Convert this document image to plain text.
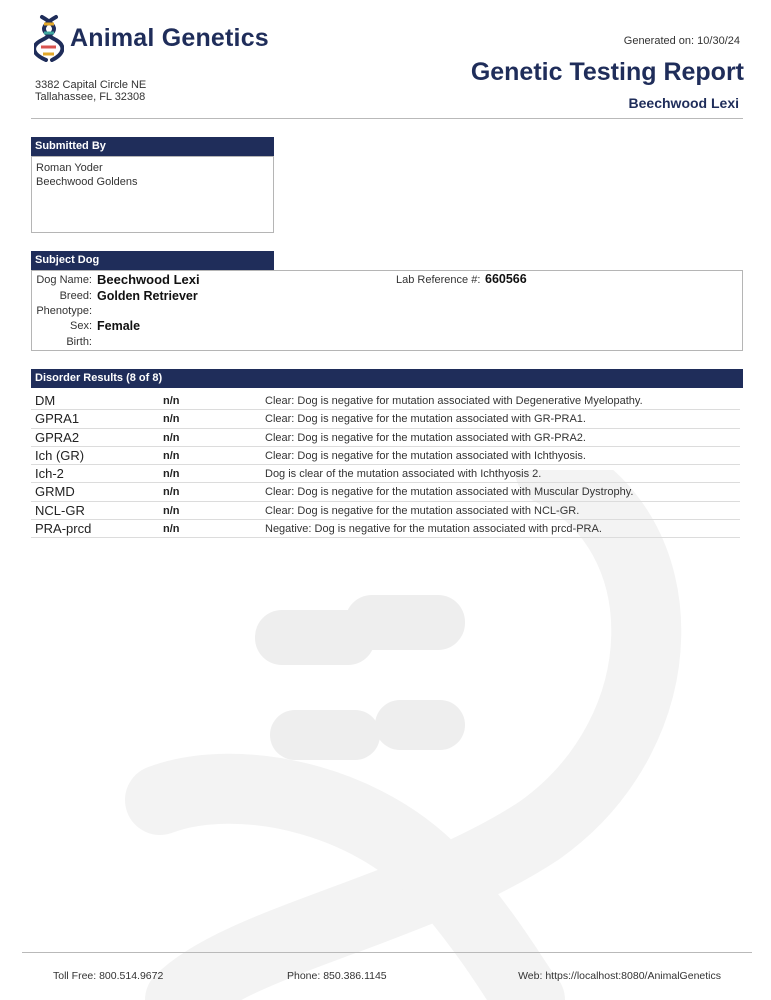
Animal Genetics
3382 Capital Circle NE
Tallahassee, FL 32308
Generated on: 10/30/24
Genetic Testing Report
Beechwood Lexi
Submitted By
Roman Yoder
Beechwood Goldens
Subject Dog
Dog Name: Beechwood Lexi
Breed: Golden Retriever
Phenotype:
Sex: Female
Birth:
Lab Reference #: 660566
Disorder Results (8 of 8)
DM	n/n	Clear: Dog is negative for mutation associated with Degenerative Myelopathy.
GPRA1	n/n	Clear: Dog is negative for the mutation associated with GR-PRA1.
GPRA2	n/n	Clear: Dog is negative for the mutation associated with GR-PRA2.
Ich (GR)	n/n	Clear: Dog is negative for the mutation associated with Ichthyosis.
Ich-2	n/n	Dog is clear of the mutation associated with Ichthyosis 2.
GRMD	n/n	Clear: Dog is negative for the mutation associated with Muscular Dystrophy.
NCL-GR	n/n	Clear: Dog is negative for the mutation associated with NCL-GR.
PRA-prcd	n/n	Negative: Dog is negative for the mutation associated with prcd-PRA.
Toll Free: 800.514.9672	Phone: 850.386.1145	Web: https://localhost:8080/AnimalGenetics
